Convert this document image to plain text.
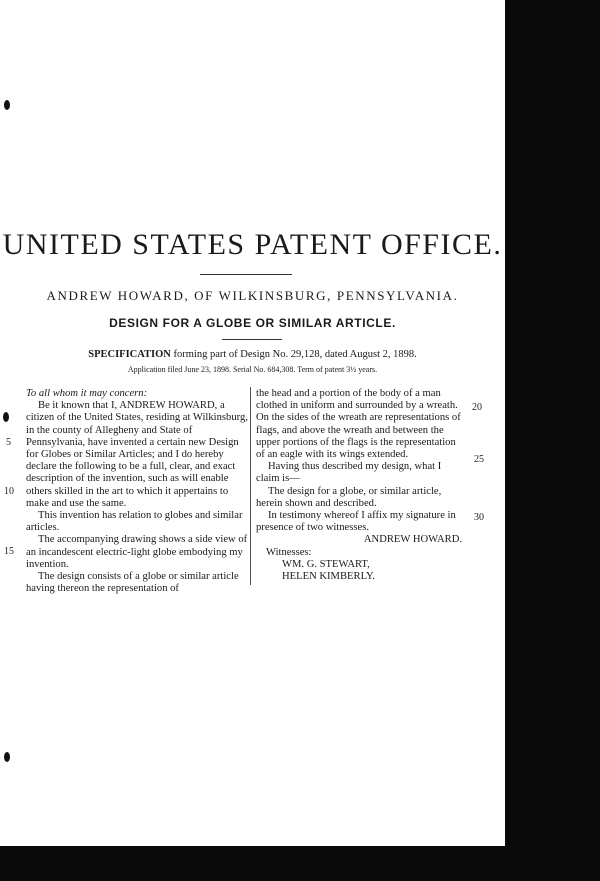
UNITED STATES PATENT OFFICE.
ANDREW HOWARD, OF WILKINSBURG, PENNSYLVANIA.
DESIGN FOR A GLOBE OR SIMILAR ARTICLE.
SPECIFICATION forming part of Design No. 29,128, dated August 2, 1898.
Application filed June 23, 1898. Serial No. 684,308. Term of patent 3½ years.

To all whom it may concern:

Be it known that I, ANDREW HOWARD, a citizen of the United States, residing at Wilkinsburg, in the county of Allegheny and State of Pennsylvania, have invented a certain new Design for Globes or Similar Articles; and I do hereby declare the following to be a full, clear, and exact description of the invention, such as will enable others skilled in the art to which it appertains to make and use the same.

This invention has relation to globes and similar articles.

The accompanying drawing shows a side view of an incandescent electric-light globe embodying my invention.

The design consists of a globe or similar article having thereon the representation of

the head and a portion of the body of a man clothed in uniform and surrounded by a wreath. On the sides of the wreath are representations of flags, and above the wreath and between the upper portions of the flags is the representation of an eagle with its wings extended.

Having thus described my design, what I claim is—

The design for a globe, or similar article, herein shown and described.

In testimony whereof I affix my signature in presence of two witnesses.

ANDREW HOWARD.

Witnesses:

WM. G. STEWART,

HELEN KIMBERLY.

5
10
15
20
25
30
